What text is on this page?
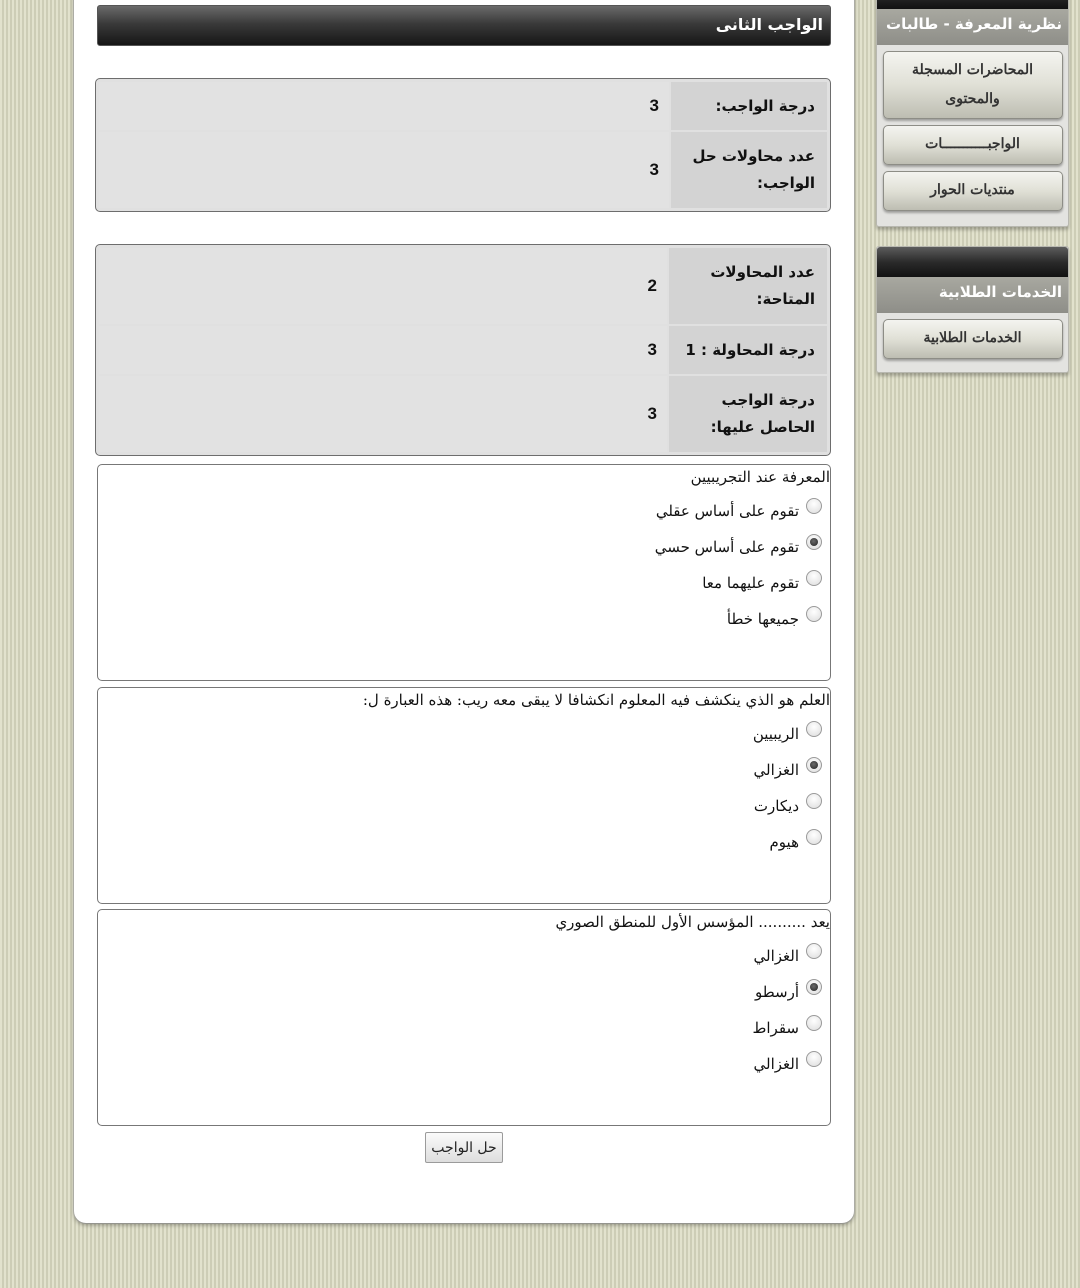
الواجب الثانى
درجة الواجب:	3
عدد محاولات حل الواجب:	3
عدد المحاولات المتاحة:	2
درجة المحاولة : 1	3
درجة الواجب الحاصل عليها:	3
المعرفة عند التجريبيين
تقوم على أساس عقلي
تقوم على أساس حسي
تقوم عليهما معا
جميعها خطأ
العلم هو الذي ينكشف فيه المعلوم انكشافا لا يبقى معه ريب: هذه العبارة ل:
الريبيين
الغزالي
ديكارت
هيوم
يعد .......... المؤسس الأول للمنطق الصوري
الغزالي
أرسطو
سقراط
الغزالي
حل الواجب
نظرية المعرفة - طالبات
المحاضرات المسجلة والمحتوى
الواجبـــــــــــات
منتديات الحوار
الخدمات الطلابية
الخدمات الطلابية
